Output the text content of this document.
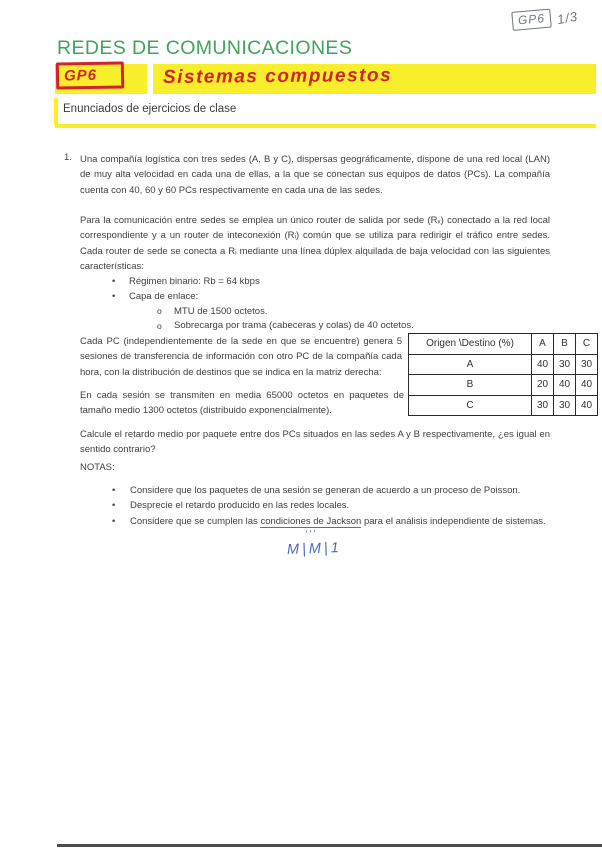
GP6 1/3
REDES DE COMUNICACIONES
GP6	Sistemas compuestos
Enunciados de ejercicios de clase
1. Una compañía logística con tres sedes (A, B y C), dispersas geográficamente, dispone de una red local (LAN) de muy alta velocidad en cada una de ellas, a la que se conectan sus equipos de datos (PCs). La compañía cuenta con 40, 60 y 60 PCs respectivamente en cada una de las sedes.
Para la comunicación entre sedes se emplea un único router de salida por sede (Rₓ) conectado a la red local correspondiente y a un router de inteconexión (Rᵢ) común que se utiliza para redirigir el tráfico entre sedes. Cada router de sede se conecta a Rᵢ mediante una línea dúplex alquilada de baja velocidad con las siguientes características:
• Régimen binario: Rb = 64 kbps
• Capa de enlace:
o MTU de 1500 octetos.
o Sobrecarga por trama (cabeceras y colas) de 40 octetos.
Cada PC (independientemente de la sede en que se encuentre) genera 5 sesiones de transferencia de información con otro PC de la compañía cada hora, con la distribución de destinos que se indica en la matriz derecha:
En cada sesión se transmiten en media 65000 octetos en paquetes de tamaño medio 1300 octetos (distribuido exponencialmente).
Origen \Destino (%)	A	B	C
A	40	30	30
B	20	40	40
C	30	30	40
Calcule el retardo medio por paquete entre dos PCs situados en las sedes A y B respectivamente, ¿es igual en sentido contrario?
NOTAS:
• Considere que los paquetes de una sesión se generan de acuerdo a un proceso de Poisson.
• Desprecie el retardo producido en las redes locales.
• Considere que se cumplen las condiciones de Jackson para el análisis independiente de sistemas.
'''
M|M|1
